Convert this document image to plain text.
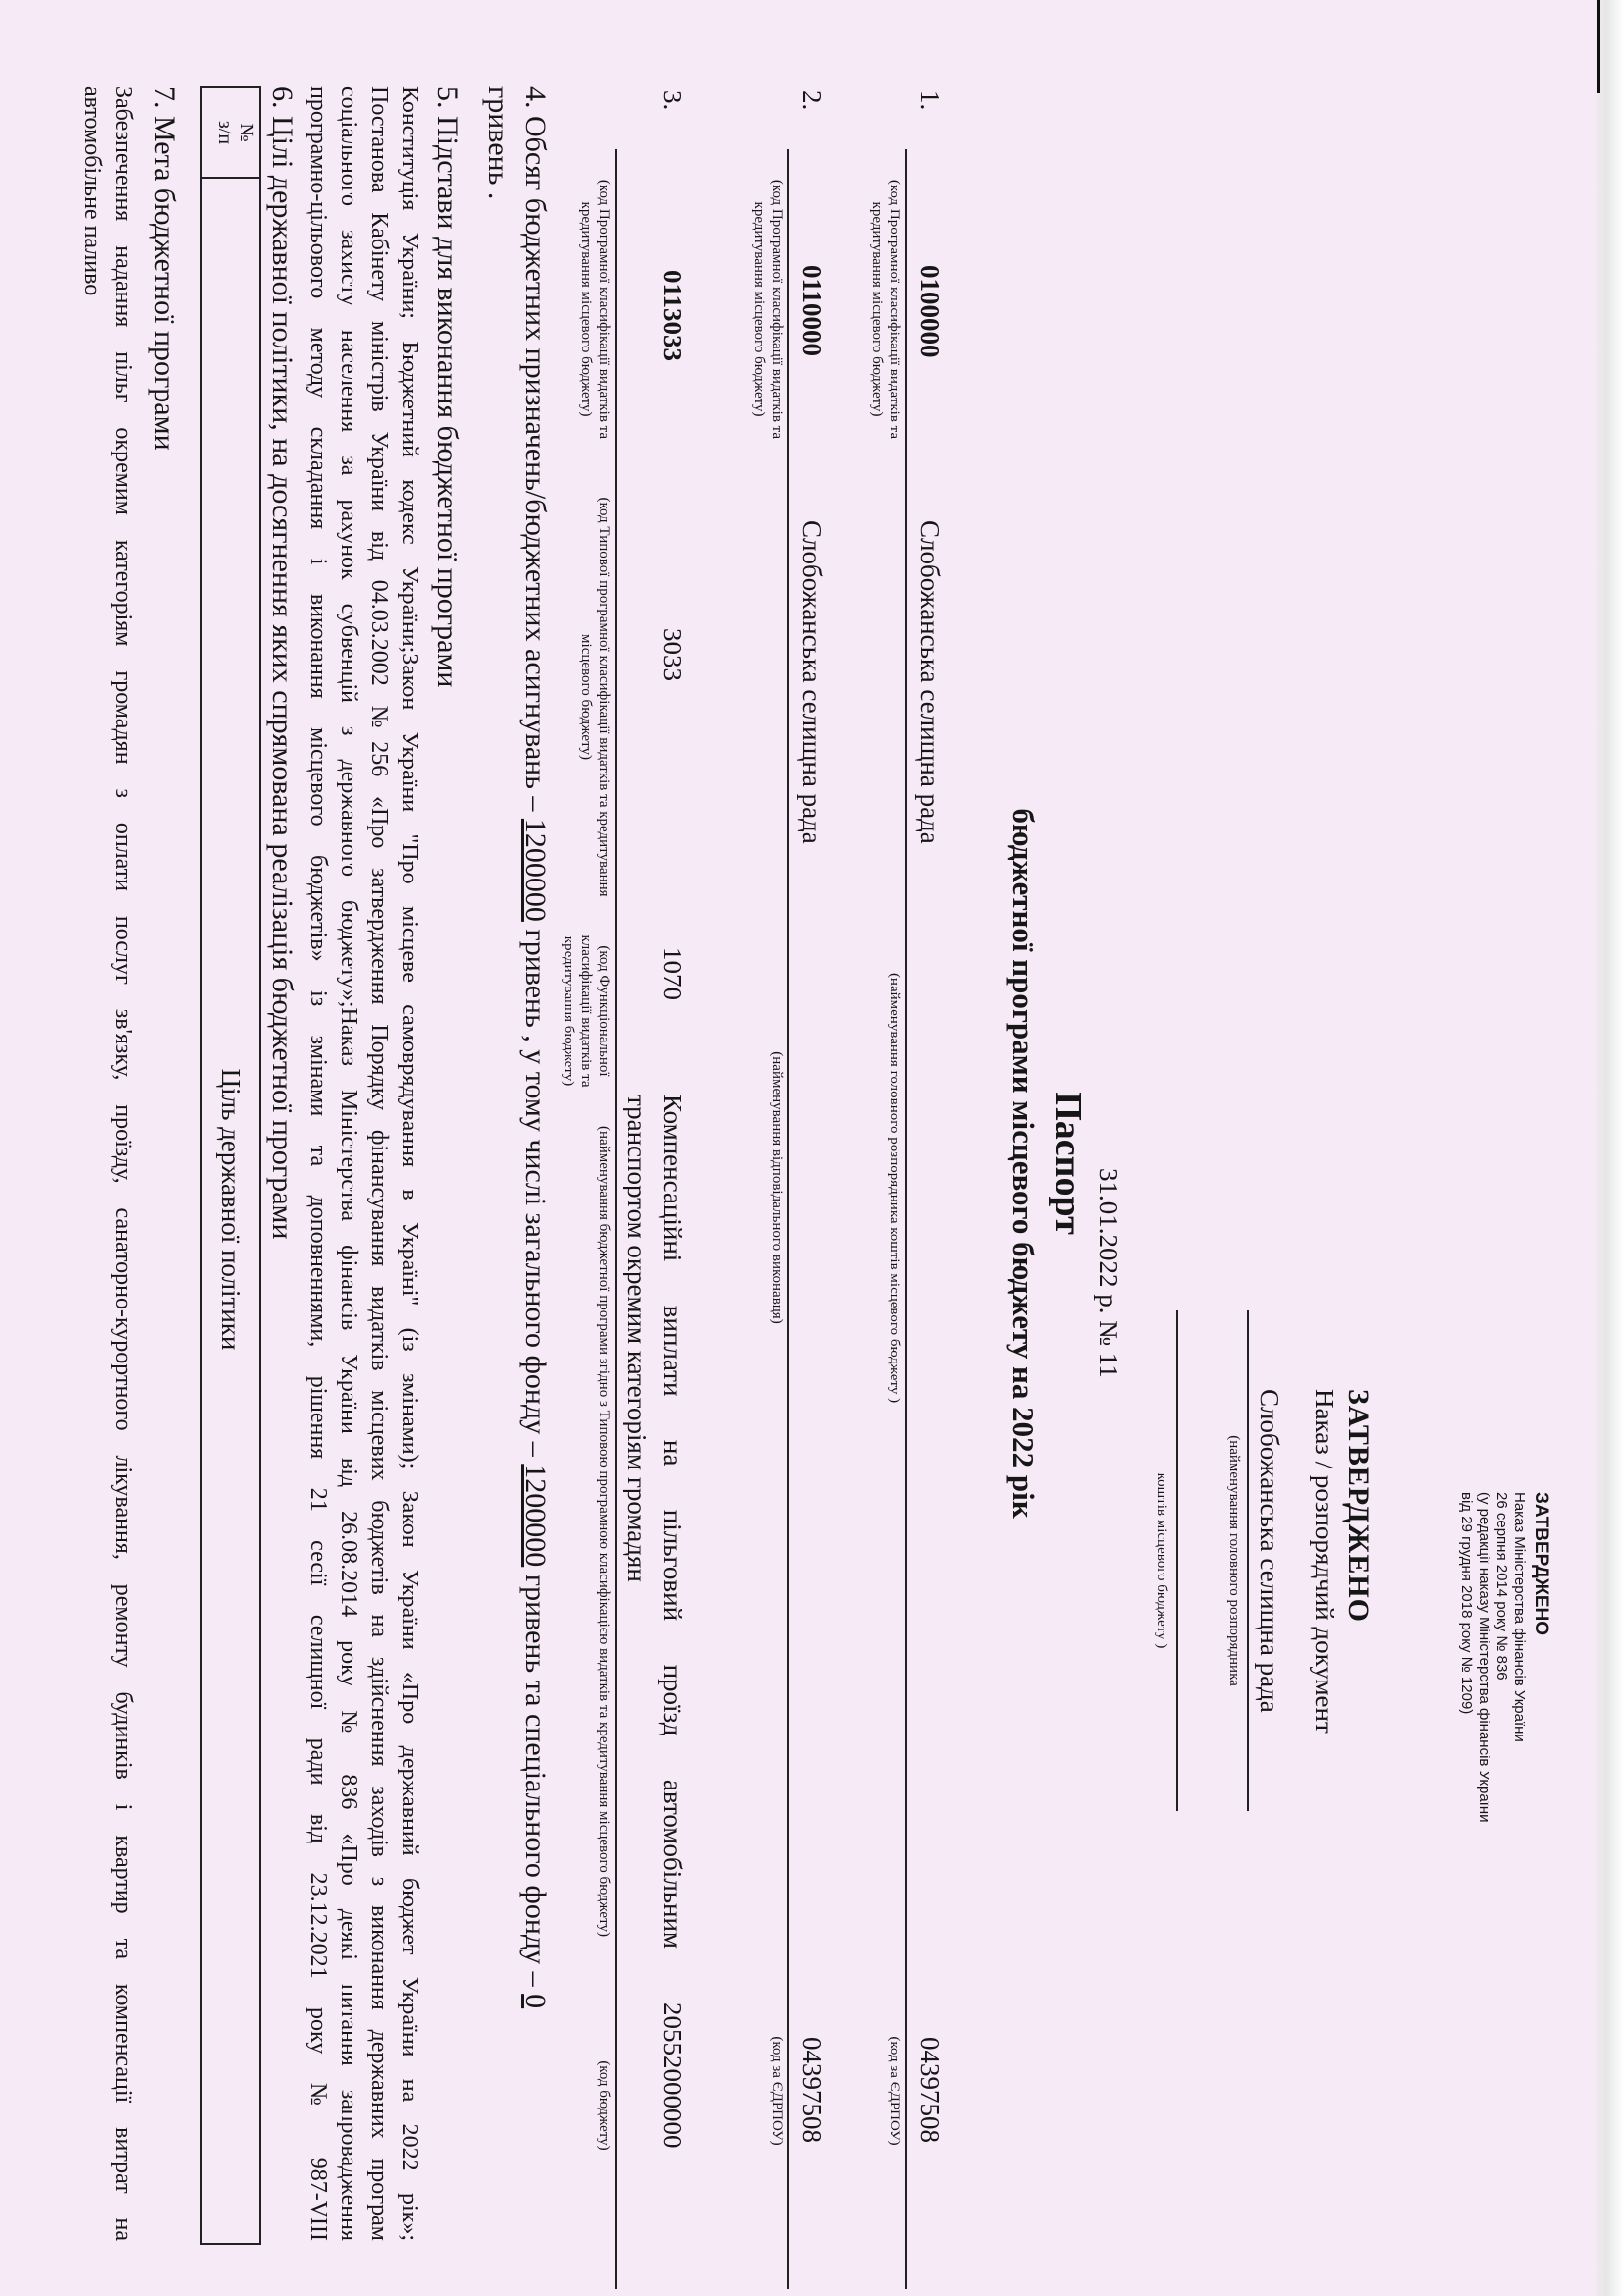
ЗАТВЕРДЖЕНО
Наказ Міністерства фінансів України
26 серпня 2014 року № 836
(у редакції наказу Міністерства фінансів України
від 29 грудня 2018 року № 1209)
ЗАТВЕРДЖЕНО
Наказ / розпорядчий документ
Слобожанська селищна рада
(найменування головного розпорядника
коштів місцевого бюджету )
31.01.2022 р. № 11
Паспорт
бюджетної програми місцевого бюджету на 2022 рік
1.
0100000
Слобожанська селищна рада
04397508
(код Програмної класифікації видатків та кредитування місцевого бюджету)
(найменування головного розпорядника коштів місцевого бюджету )
(код за ЄДРПОУ)
2.
0110000
Слобожанська селищна рада
04397508
(код Програмної класифікації видатків та кредитування місцевого бюджету)
(найменування відповідального виконавця)
(код за ЄДРПОУ)
3.
0113033
3033
1070
Компенсаційні виплати на пільговий проїзд автомобільним
транспортом окремим категоріям громадян
20552000000
(код Програмної класифікації видатків та кредитування місцевого бюджету)
(код Типової програмної класифікації видатків та кредитування місцевого бюджету)
(код Функціональної класифікації видатків та кредитування бюджету)
(найменування бюджетної програми згідно з Типовою програмною класифікацією видатків та кредитування місцевого бюджету)
(код бюджету)
4. Обсяг бюджетних призначень/бюджетних асигнувань – 1200000 гривень , у тому числі загального фонду – 1200000 гривень та спеціального фонду – 0
гривень .
5. Підстави для виконання бюджетної програми
Конституція України; Бюджетний кодекс України;Закон України "Про місцеве самоврядування в Україні" (із змінами); Закон України «Про державний бюджет України на 2022 рік»;
Постанова Кабінету міністрів України від 04.03.2002 №256 «Про затвердження Порядку фінансування видатків місцевих бюджетів на здійснення заходів з виконання державних програм
соціального захисту населення за рахунок субвенцій з державного бюджету»;Наказ Міністерства фінансів України від 26.08.2014 року № 836 «Про деякі питання запровадження
програмно-цільового методу складання і виконання місцевого бюджетів» із змінами та доповненнями, рішення 21 сесії селищної ради від 23.12.2021 року № 987-VIII
6. Цілі державної політики, на досягнення яких спрямована реалізація бюджетної програми
№
з/п
Ціль державної політики
7. Мета бюджетної програми
Забезпечення надання пільг окремим категоріям громадян з оплати послуг зв'язку, проїзду, санаторно-курортного лікування, ремонту будинків і квартир та компенсації витрат на
автомобільне паливо
